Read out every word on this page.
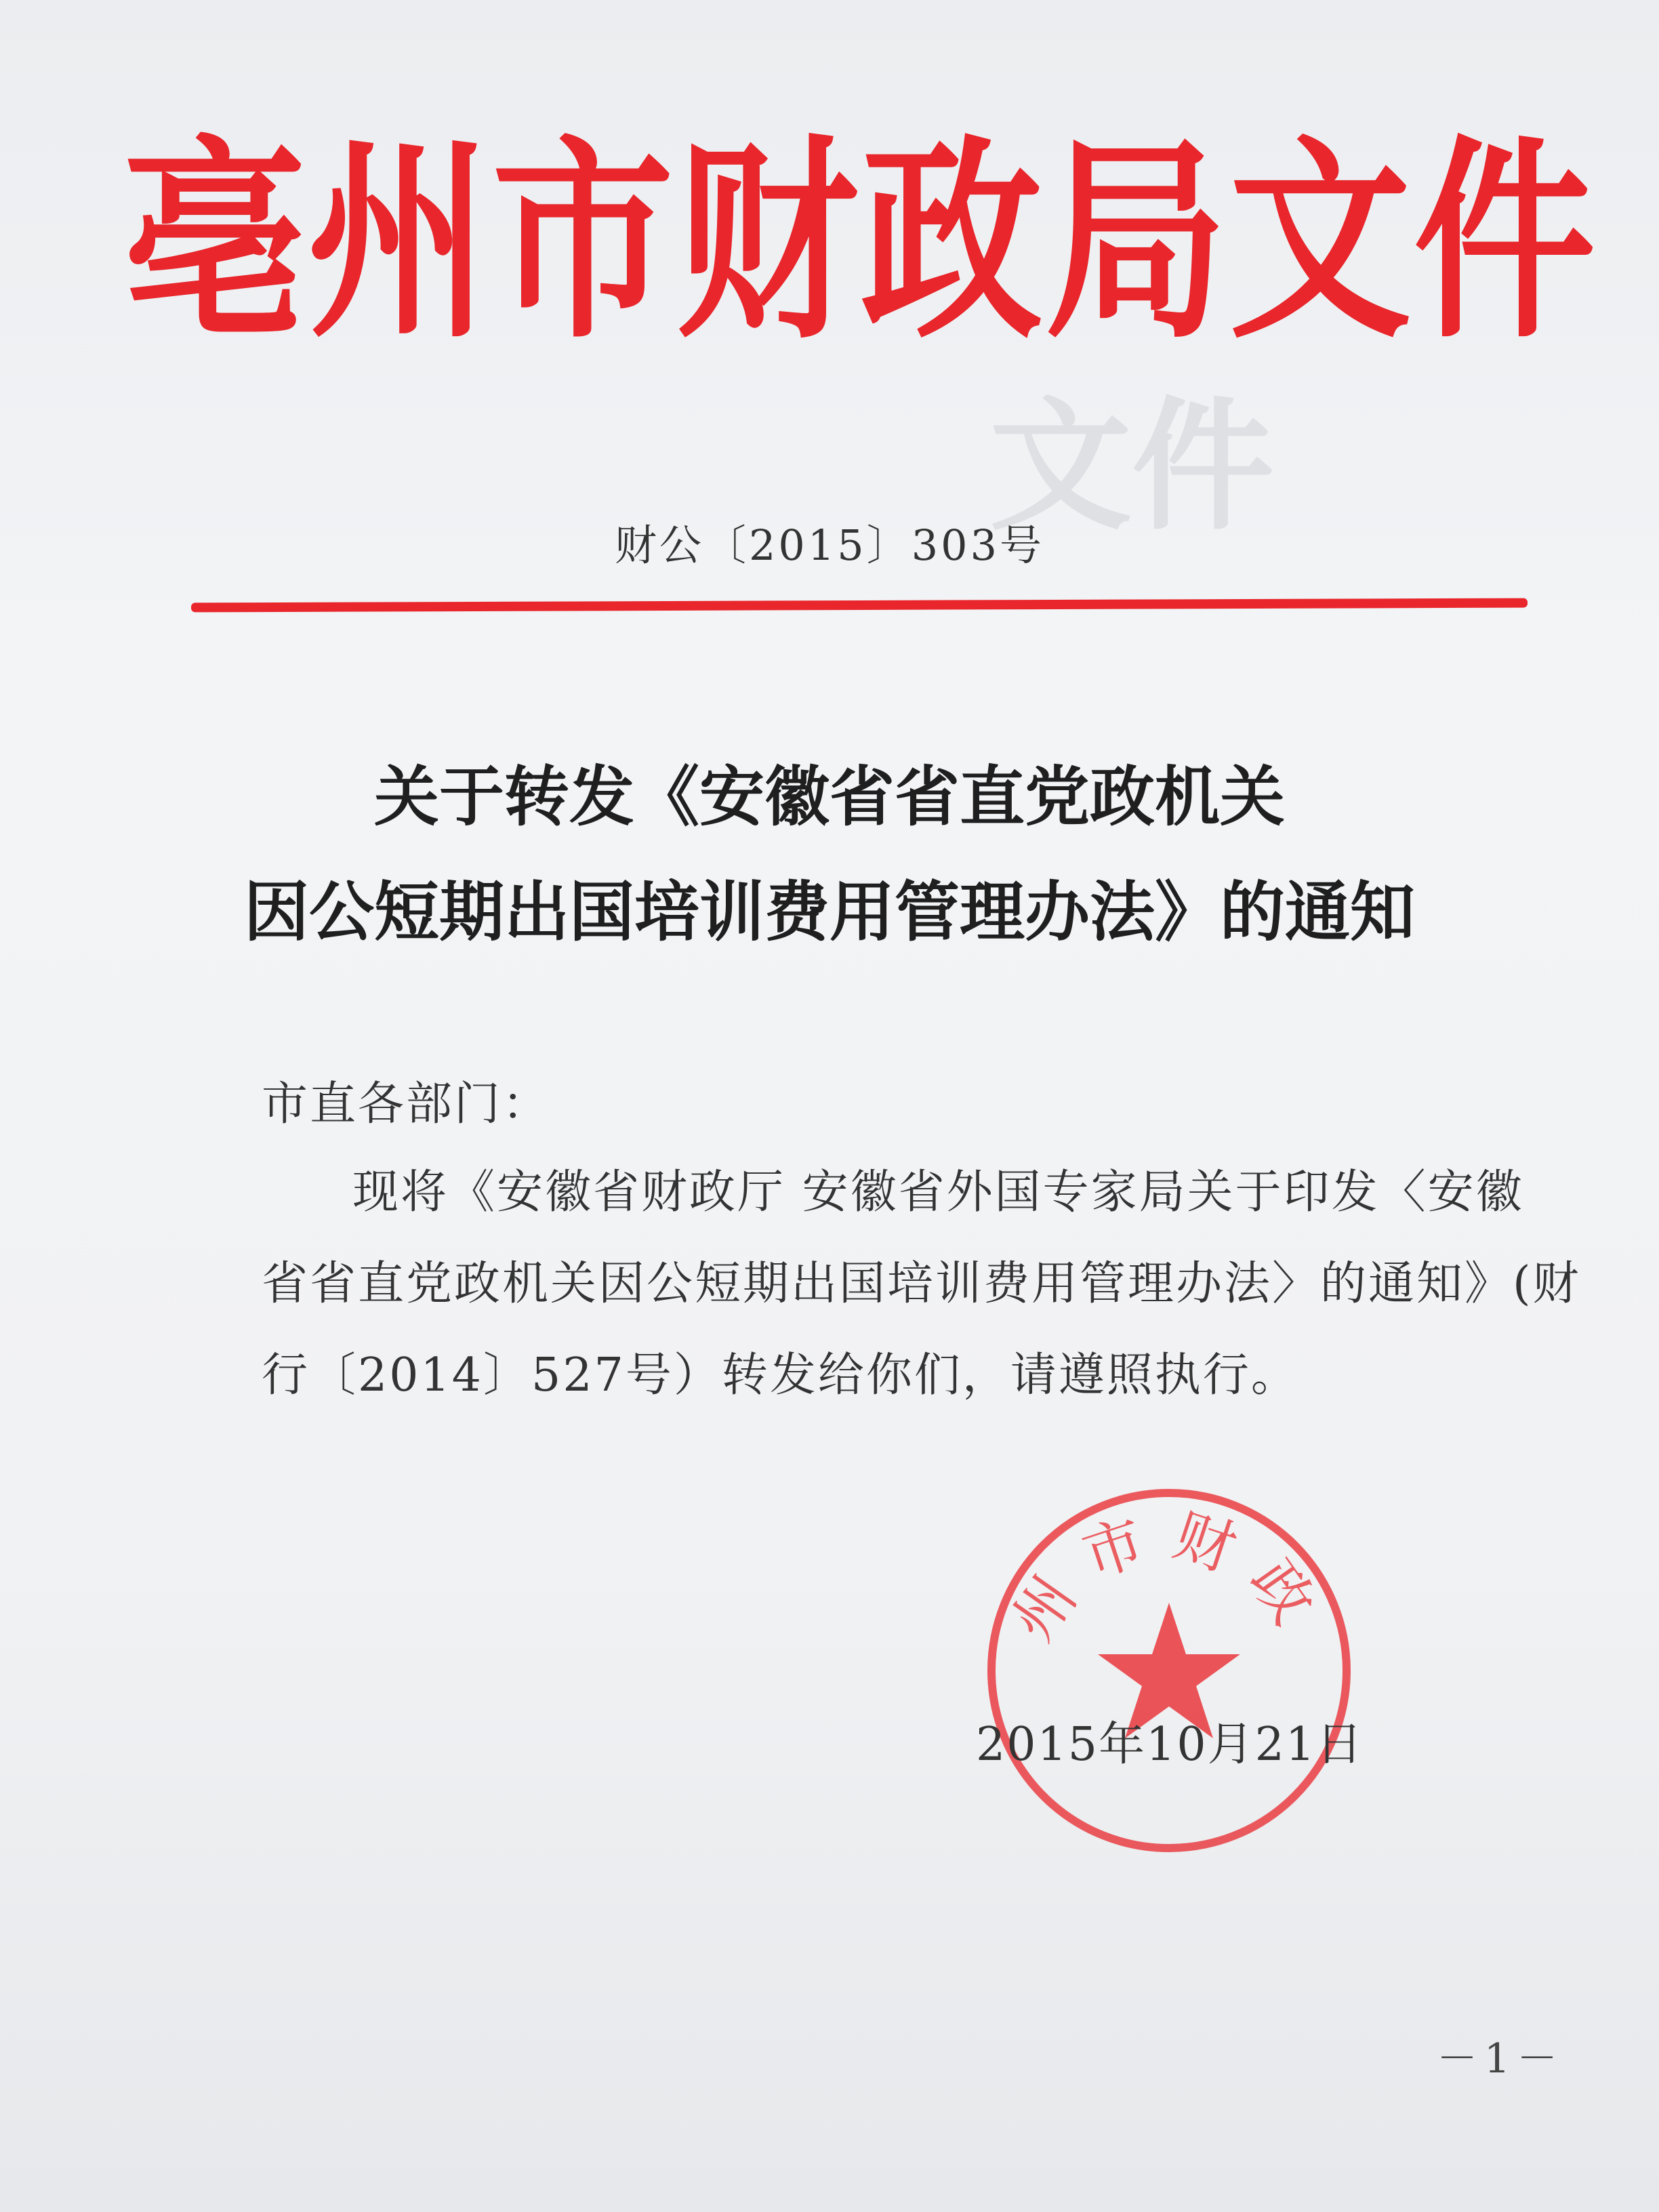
亳州市财政局文件
文件
财公〔2015〕303号
关于转发《安徽省省直党政机关
因公短期出国培训费用管理办法》的通知
市直各部门：
现将《安徽省财政厅 安徽省外国专家局关于印发〈安徽
省省直党政机关因公短期出国培训费用管理办法〉的通知》(财
行〔2014〕527号）转发给你们，请遵照执行。
州市财政
2015年10月21日
－1－
